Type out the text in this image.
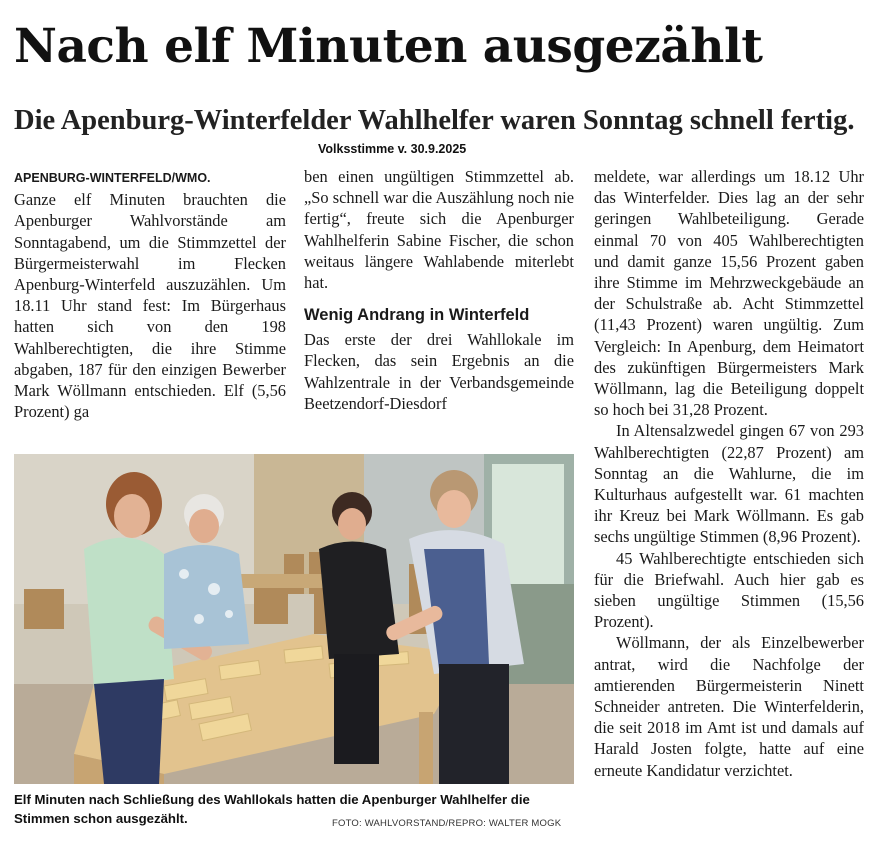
Nach elf Minuten ausgezählt
Die Apenburg-Winterfelder Wahlhelfer waren Sonntag schnell fertig.
Volksstimme v. 30.9.2025

APENBURG-WINTERFELD/WMO.
Ganze elf Minuten brauchten die Apenburger Wahlvorstände am Sonntagabend, um die Stimmzettel der Bürgermeisterwahl im Flecken Apenburg-Winterfeld auszuzählen. Um 18.11 Uhr stand fest: Im Bürgerhaus hatten sich von den 198 Wahlberechtigten, die ihre Stimme abgaben, 187 für den einzigen Bewerber Mark Wöllmann entschieden. Elf (5,56 Prozent) ga

ben einen ungültigen Stimmzettel ab. „So schnell war die Auszählung noch nie fertig“, freute sich die Apenburger Wahlhelferin Sabine Fischer, die schon weitaus längere Wahlabende miterlebt hat.

Wenig Andrang in Winterfeld

Das erste der drei Wahllokale im Flecken, das sein Ergebnis an die Wahlzentrale in der Verbandsgemeinde Beetzendorf-Diesdorf

meldete, war allerdings um 18.12 Uhr das Winterfelder. Dies lag an der sehr geringen Wahlbeteiligung. Gerade einmal 70 von 405 Wahlberechtigten und damit ganze 15,56 Prozent gaben ihre Stimme im Mehrzweckgebäude an der Schulstraße ab. Acht Stimmzettel (11,43 Prozent) waren ungültig. Zum Vergleich: In Apenburg, dem Heimatort des zukünftigen Bürgermeisters Mark Wöllmann, lag die Beteiligung doppelt so hoch bei 31,28 Prozent.

In Altensalzwedel gingen 67 von 293 Wahlberechtigten (22,87 Prozent) am Sonntag an die Wahlurne, die im Kulturhaus aufgestellt war. 61 machten ihr Kreuz bei Mark Wöllmann. Es gab sechs ungültige Stimmen (8,96 Prozent).

45 Wahlberechtigte entschieden sich für die Briefwahl. Auch hier gab es sieben ungültige Stimmen (15,56 Prozent).

Wöllmann, der als Einzelbewerber antrat, wird die Nachfolge der amtierenden Bürgermeisterin Ninett Schneider antreten. Die Winterfelderin, die seit 2018 im Amt ist und damals auf Harald Josten folgte, hatte auf eine erneute Kandidatur verzichtet.

Elf Minuten nach Schließung des Wahllokals hatten die Apenburger Wahlhelfer die Stimmen schon ausgezählt.	FOTO: WAHLVORSTAND/REPRO: WALTER MOGK
